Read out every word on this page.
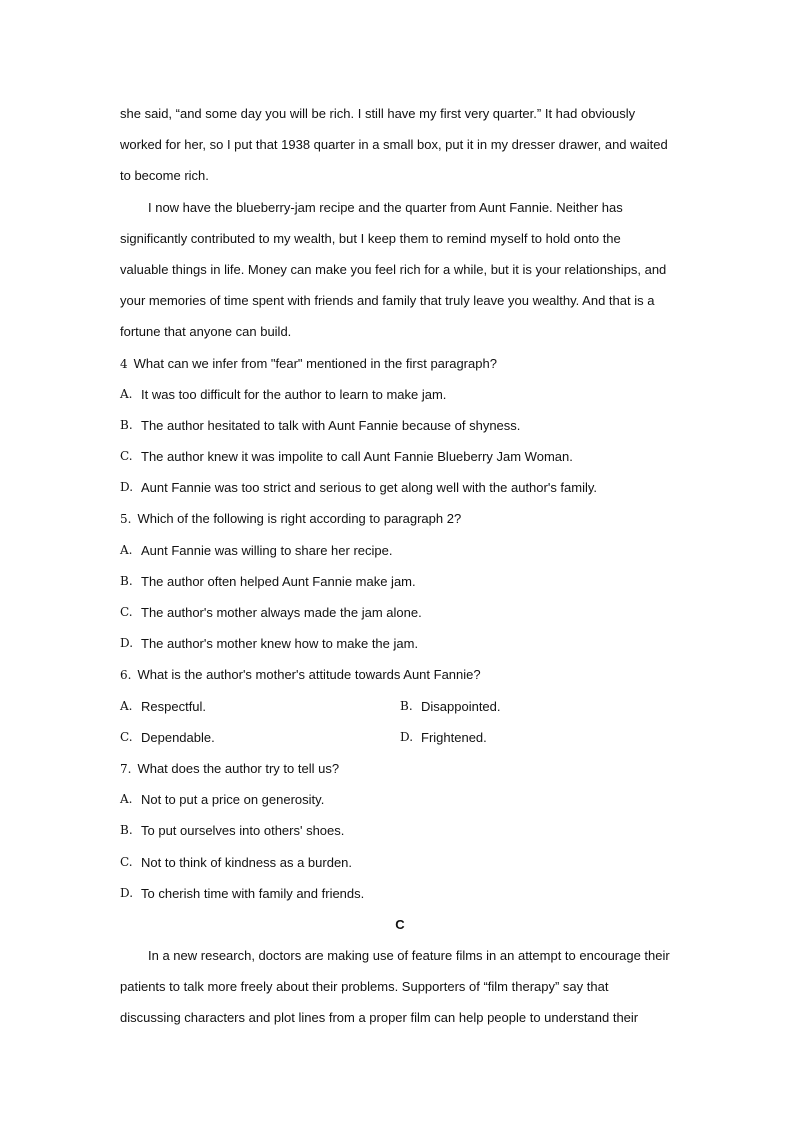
she said, “and some day you will be rich. I still have my first very quarter.” It had obviously
worked for her, so I put that 1938 quarter in a small box, put it in my dresser drawer, and waited
to become rich.
I now have the blueberry-jam recipe and the quarter from Aunt Fannie. Neither has
significantly contributed to my wealth, but I keep them to remind myself to hold onto the
valuable things in life. Money can make you feel rich for a while, but it is your relationships, and
your memories of time spent with friends and family that truly leave you wealthy. And that is a
fortune that anyone can build.
4 What can we infer from "fear" mentioned in the first paragraph?
A. It was too difficult for the author to learn to make jam.
B. The author hesitated to talk with Aunt Fannie because of shyness.
C. The author knew it was impolite to call Aunt Fannie Blueberry Jam Woman.
D. Aunt Fannie was too strict and serious to get along well with the author's family.
5. Which of the following is right according to paragraph 2?
A. Aunt Fannie was willing to share her recipe.
B. The author often helped Aunt Fannie make jam.
C. The author's mother always made the jam alone.
D. The author's mother knew how to make the jam.
6. What is the author's mother's attitude towards Aunt Fannie?
A. Respectful.	B. Disappointed.
C. Dependable.	D. Frightened.
7. What does the author try to tell us?
A. Not to put a price on generosity.
B. To put ourselves into others' shoes.
C. Not to think of kindness as a burden.
D. To cherish time with family and friends.
C
In a new research, doctors are making use of feature films in an attempt to encourage their
patients to talk more freely about their problems. Supporters of “film therapy” say that
discussing characters and plot lines from a proper film can help people to understand their
